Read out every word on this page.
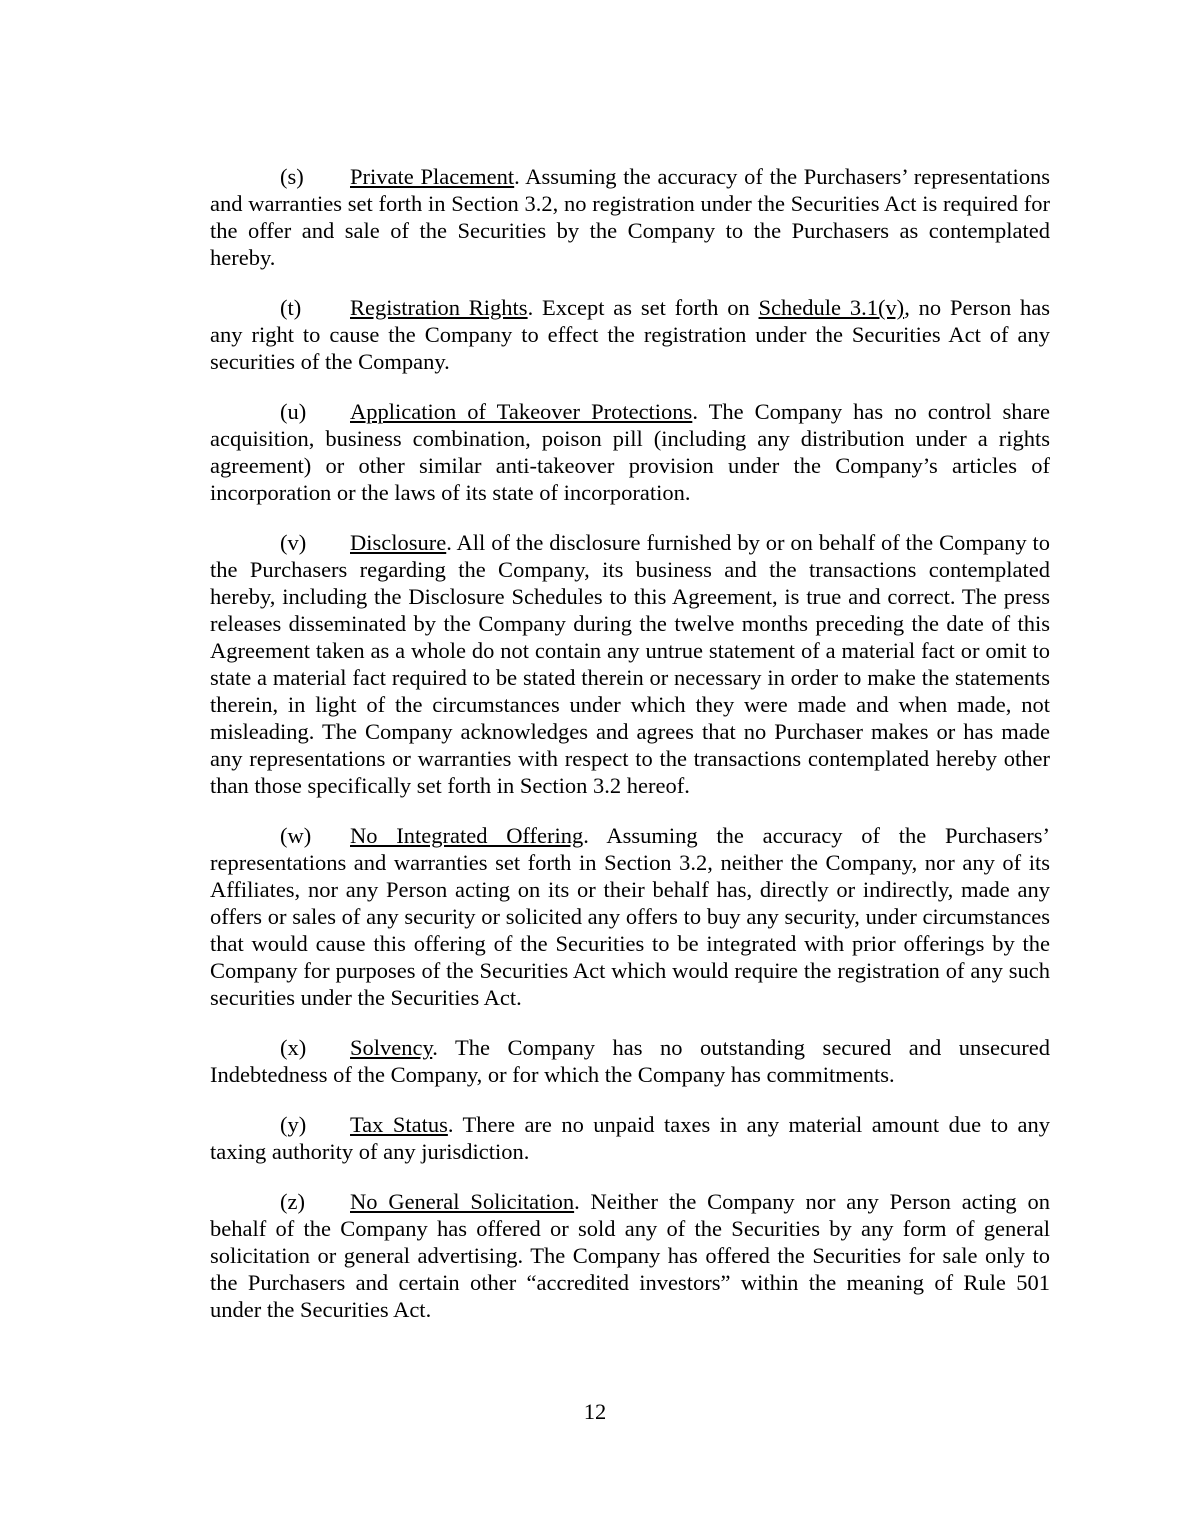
(s) Private Placement. Assuming the accuracy of the Purchasers’ representations and warranties set forth in Section 3.2, no registration under the Securities Act is required for the offer and sale of the Securities by the Company to the Purchasers as contemplated hereby.

(t) Registration Rights. Except as set forth on Schedule 3.1(v), no Person has any right to cause the Company to effect the registration under the Securities Act of any securities of the Company.

(u) Application of Takeover Protections. The Company has no control share acquisition, business combination, poison pill (including any distribution under a rights agreement) or other similar anti-takeover provision under the Company’s articles of incorporation or the laws of its state of incorporation.

(v) Disclosure. All of the disclosure furnished by or on behalf of the Company to the Purchasers regarding the Company, its business and the transactions contemplated hereby, including the Disclosure Schedules to this Agreement, is true and correct. The press releases disseminated by the Company during the twelve months preceding the date of this Agreement taken as a whole do not contain any untrue statement of a material fact or omit to state a material fact required to be stated therein or necessary in order to make the statements therein, in light of the circumstances under which they were made and when made, not misleading. The Company acknowledges and agrees that no Purchaser makes or has made any representations or warranties with respect to the transactions contemplated hereby other than those specifically set forth in Section 3.2 hereof.

(w) No Integrated Offering. Assuming the accuracy of the Purchasers’ representations and warranties set forth in Section 3.2, neither the Company, nor any of its Affiliates, nor any Person acting on its or their behalf has, directly or indirectly, made any offers or sales of any security or solicited any offers to buy any security, under circumstances that would cause this offering of the Securities to be integrated with prior offerings by the Company for purposes of the Securities Act which would require the registration of any such securities under the Securities Act.

(x) Solvency. The Company has no outstanding secured and unsecured Indebtedness of the Company, or for which the Company has commitments.

(y) Tax Status. There are no unpaid taxes in any material amount due to any taxing authority of any jurisdiction.

(z) No General Solicitation. Neither the Company nor any Person acting on behalf of the Company has offered or sold any of the Securities by any form of general solicitation or general advertising. The Company has offered the Securities for sale only to the Purchasers and certain other “accredited investors” within the meaning of Rule 501 under the Securities Act.

12
